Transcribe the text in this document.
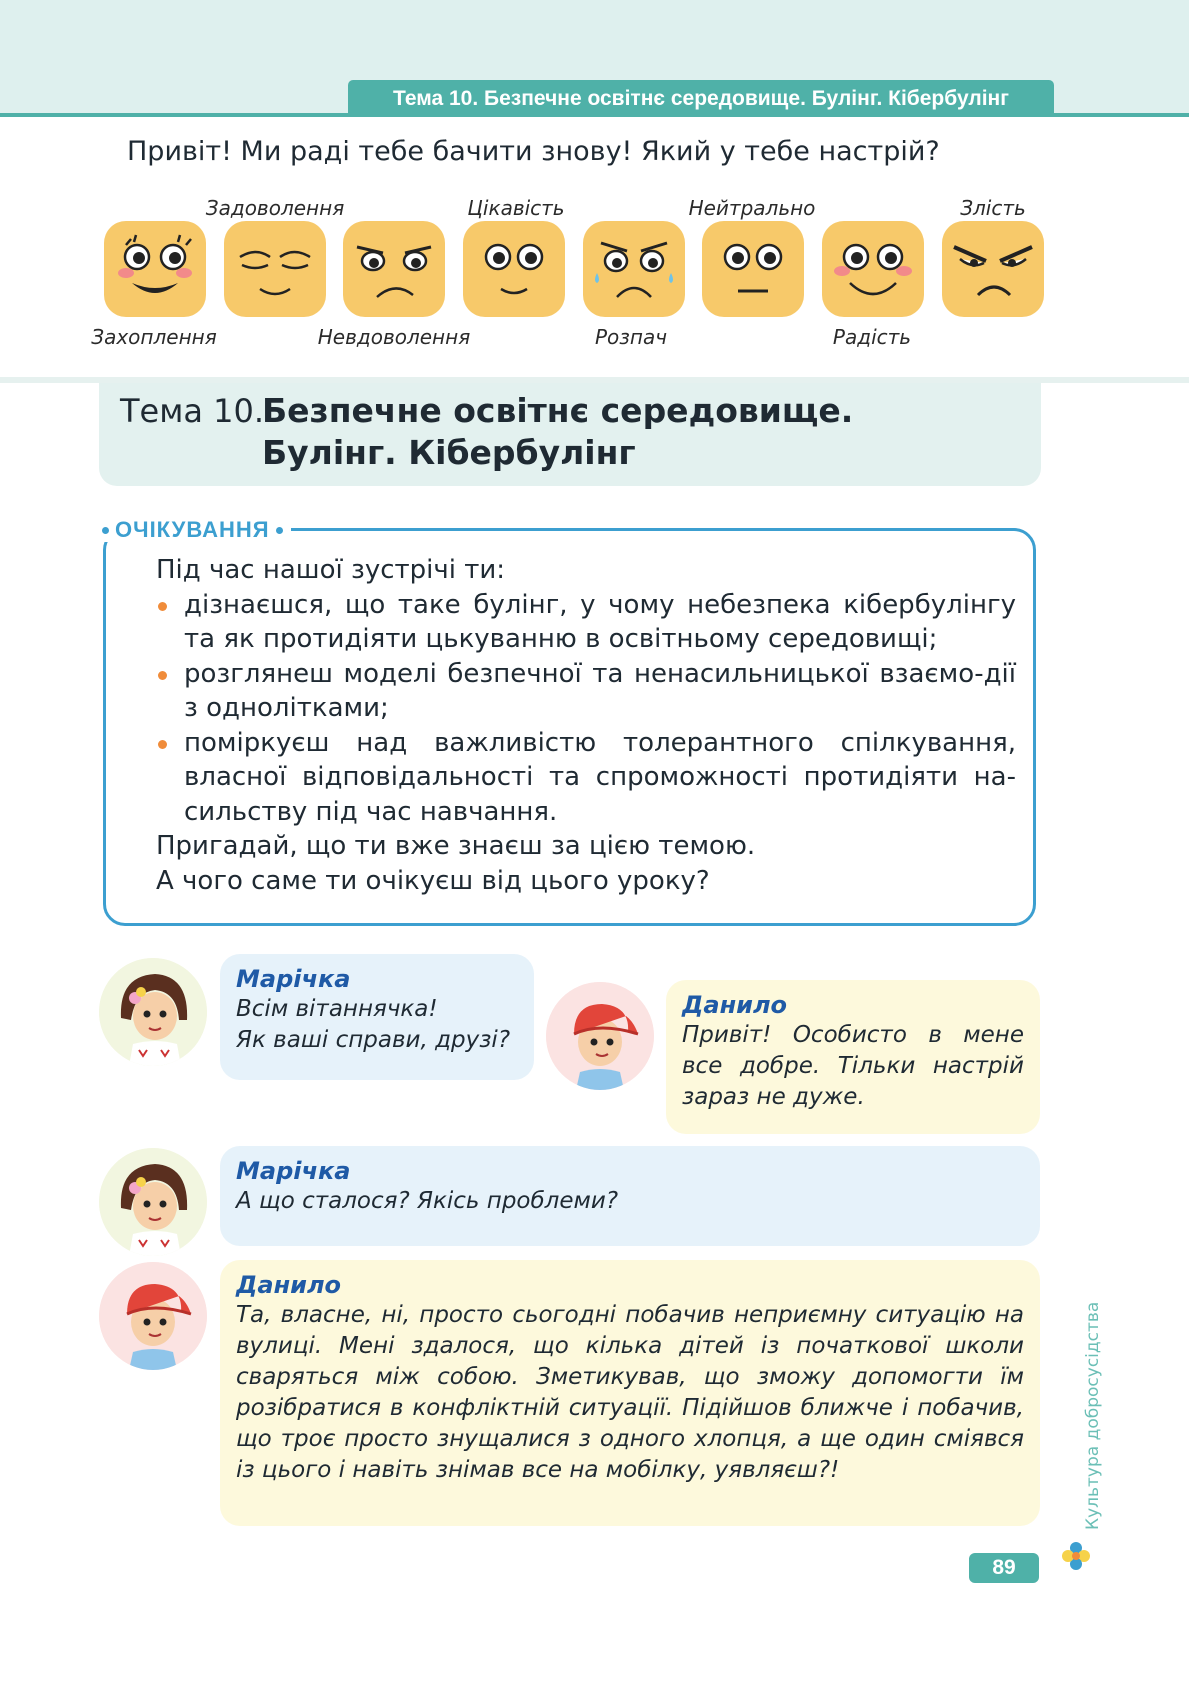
Тема 10. Безпечне освітнє середовище. Булінг. Кібербулінг
Привіт! Ми раді тебе бачити знову! Який у тебе настрій?
Задоволення	Цікавість	Нейтрально	Злість
Захоплення	Невдоволення	Розпач	Радість
Тема 10.
Безпечне освітнє середовище.
Булінг. Кібербулінг
ОЧІКУВАННЯ

Під час нашої зустрічі ти:

дізнаєшся, що таке булінг, у чому небезпека кібербулінгу та як протидіяти цькуванню в освітньому середовищі;
розглянеш моделі безпечної та ненасильницької взаємо-дії з однолітками;
поміркуєш над важливістю толерантного спілкування, власної відповідальності та спроможності протидіяти на-сильству під час навчання.

Пригадай, що ти вже знаєш за цією темою.

А чого саме ти очікуєш від цього уроку?

Марічка
Всім вітаннячка!
Як ваші справи, друзі?
Данило
Привіт! Особисто в мене все добре. Тільки настрій зараз не дуже.
Марічка
А що сталося? Якісь проблеми?
Данило
Та, власне, ні, просто сьогодні побачив неприємну ситуацію на вулиці. Мені здалося, що кілька дітей із початкової школи сваряться між собою. Зметикував, що зможу допомогти їм розібратися в конфліктній ситуації. Підійшов ближче і побачив, що троє просто знущалися з одного хлопця, а ще один сміявся із цього і навіть знімав все на мобілку, уявляєш?!	Культура добросусідства
89
